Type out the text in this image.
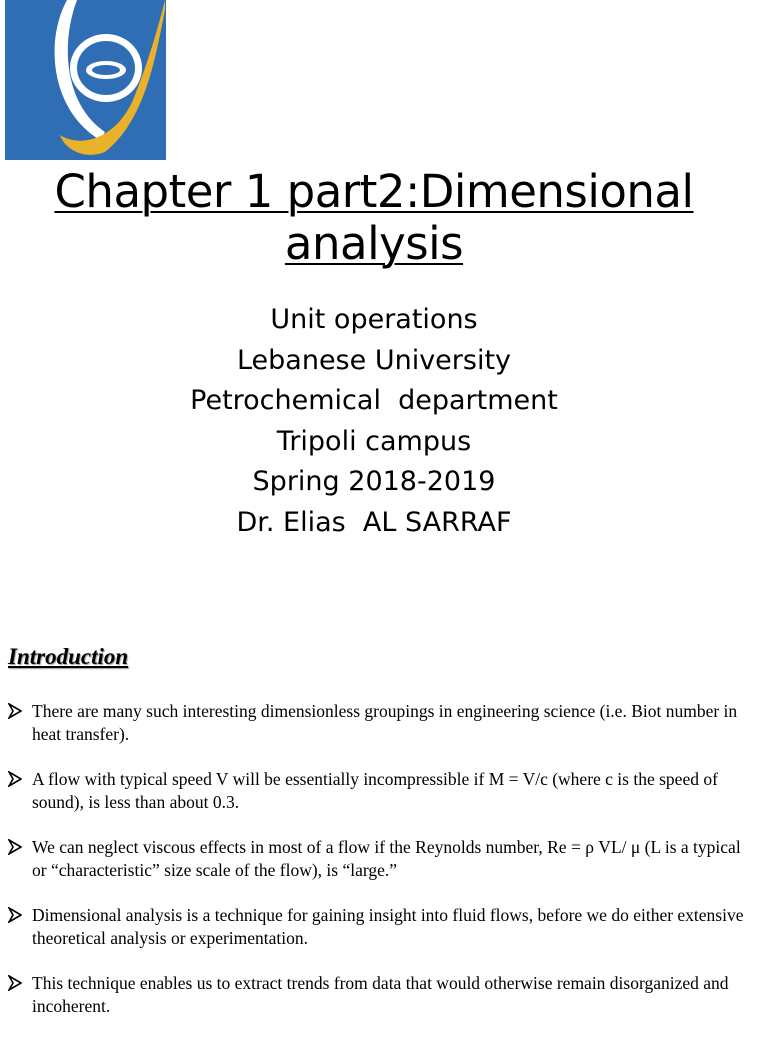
Chapter 1 part2:Dimensional
analysis
Unit operations
Lebanese University
Petrochemical  department
Tripoli campus
Spring 2018-2019
Dr. Elias  AL SARRAF
Introduction
There are many such interesting dimensionless groupings in engineering science (i.e. Biot number in heat transfer).
A flow with typical speed V will be essentially incompressible if M = V/c (where c is the speed of sound), is less than about 0.3.
We can neglect viscous effects in most of a flow if the Reynolds number, Re = ρ VL/ μ (L is a typical or “characteristic” size scale of the flow), is “large.”
Dimensional analysis is a technique for gaining insight into fluid flows, before we do either extensive theoretical analysis or experimentation.
This technique enables us to extract trends from data that would otherwise remain disorganized and incoherent.
